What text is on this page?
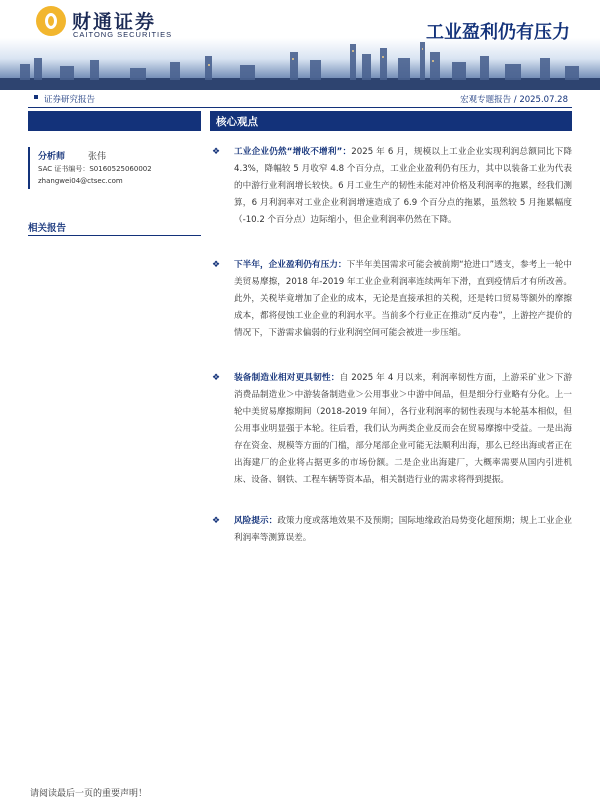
财通证券
CAITONG SECURITIES	工业盈利仍有压力
证券研究报告	宏观专题报告 / 2025.07.28
核心观点
分析师	张伟
SAC 证书编号：S0160525060002
zhangwei04@ctsec.com
相关报告
❖ 工业企业仍然“增收不增利”：2025 年 6 月，规模以上工业企业实现利润总额同比下降 4.3%，降幅较 5 月收窄 4.8 个百分点，工业企业盈利仍有压力，其中以装备工业为代表的中游行业利润增长较快。6 月工业生产的韧性未能对冲价格及利润率的拖累，经我们测算，6 月利润率对工业企业利润增速造成了 6.9 个百分点的拖累，虽然较 5 月拖累幅度（-10.2 个百分点）边际缩小，但企业利润率仍然在下降。
❖ 下半年，企业盈利仍有压力：下半年美国需求可能会被前期“抢进口”透支，参考上一轮中美贸易摩擦，2018 年-2019 年工业企业利润率连续两年下滑，直到疫情后才有所改善。此外，关税毕竟增加了企业的成本，无论是直接承担的关税，还是转口贸易等额外的摩擦成本，都将侵蚀工业企业的利润水平。当前多个行业正在推动“反内卷”，上游控产提价的情况下，下游需求偏弱的行业利润空间可能会被进一步压缩。
❖ 装备制造业相对更具韧性：自 2025 年 4 月以来，利润率韧性方面，上游采矿业＞下游消费品制造业＞中游装备制造业＞公用事业＞中游中间品，但是细分行业略有分化。上一轮中美贸易摩擦期间（2018-2019 年间），各行业利润率的韧性表现与本轮基本相似，但公用事业明显强于本轮。往后看，我们认为两类企业反而会在贸易摩擦中受益。一是出海存在资金、规模等方面的门槛，部分尾部企业可能无法顺利出海，那么已经出海或者正在出海建厂的企业将占据更多的市场份额。二是企业出海建厂，大概率需要从国内引进机床、设备、钢铁、工程车辆等资本品，相关制造行业的需求将得到提振。
❖ 风险提示：政策力度或落地效果不及预期；国际地缘政治局势变化超预期；规上工业企业利润率等测算误差。
请阅读最后一页的重要声明！
